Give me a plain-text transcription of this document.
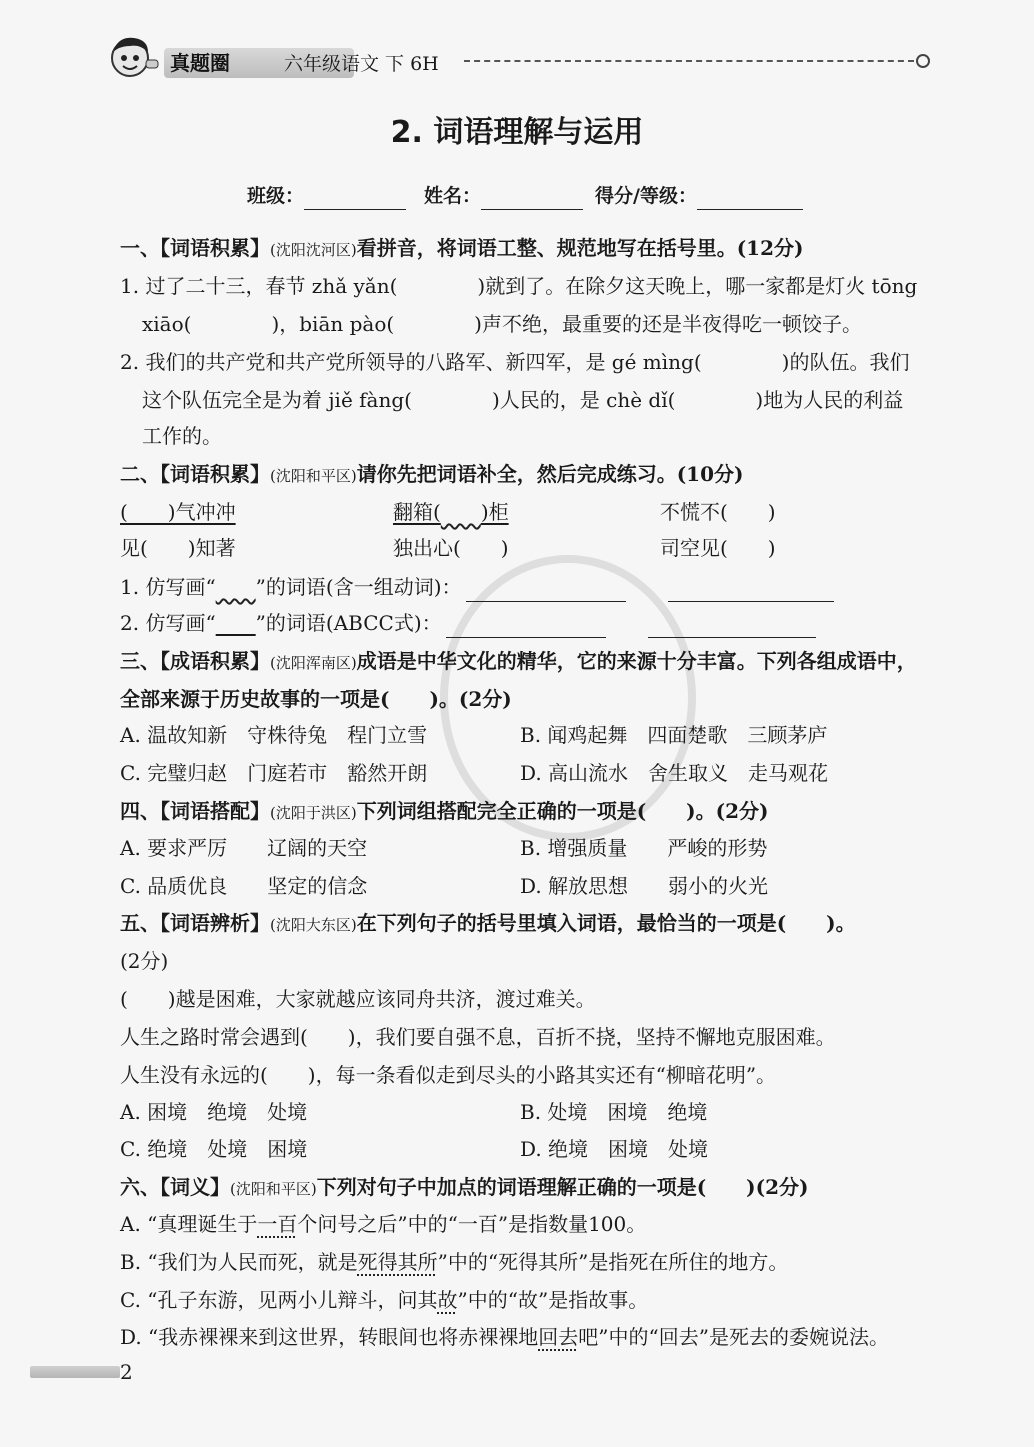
真题圈	六年级语文 下 6H
2. 词语理解与运用
班级：	姓名：	得分/等级：
一、【词语积累】(沈阳沈河区)看拼音，将词语工整、规范地写在括号里。(12分)
1. 过了二十三，春节 zhǎ yǎn(　　　　)就到了。在除夕这天晚上，哪一家都是灯火 tōng
xiāo(　　　　)，biān pào(　　　　)声不绝，最重要的还是半夜得吃一顿饺子。
2. 我们的共产党和共产党所领导的八路军、新四军，是 gé mìng(　　　　)的队伍。我们
这个队伍完全是为着 jiě fàng(　　　　)人民的，是 chè dǐ(　　　　)地为人民的利益
工作的。
二、【词语积累】(沈阳和平区)请你先把词语补全，然后完成练习。(10分)
(　　)气冲冲	翻箱(　　 )柜	不慌不(　　)
见(　　)知著	独出心(　　)	司空见(　　)
1. 仿写画“　　 ”的词语(含一组动词)：
2. 仿写画“　　 ”的词语(ABCC式)：
三、【成语积累】(沈阳浑南区)成语是中华文化的精华，它的来源十分丰富。下列各组成语中，
全部来源于历史故事的一项是(　　)。(2分)
A. 温故知新　守株待兔　程门立雪	B. 闻鸡起舞　四面楚歌　三顾茅庐
C. 完璧归赵　门庭若市　豁然开朗	D. 高山流水　舍生取义　走马观花
四、【词语搭配】(沈阳于洪区)下列词组搭配完全正确的一项是(　　)。(2分)
A. 要求严厉　　辽阔的天空	B. 增强质量　　严峻的形势
C. 品质优良　　坚定的信念	D. 解放思想　　弱小的火光
五、【词语辨析】(沈阳大东区)在下列句子的括号里填入词语，最恰当的一项是(　　)。
(2分)
(　　)越是困难，大家就越应该同舟共济，渡过难关。
人生之路时常会遇到(　　)，我们要自强不息，百折不挠，坚持不懈地克服困难。
人生没有永远的(　　)，每一条看似走到尽头的小路其实还有“柳暗花明”。
A. 困境　绝境　处境	B. 处境　困境　绝境
C. 绝境　处境　困境	D. 绝境　困境　处境
六、【词义】(沈阳和平区)下列对句子中加点的词语理解正确的一项是(　　)(2分)
A. “真理诞生于一百个问号之后”中的“一百”是指数量100。
B. “我们为人民而死，就是死得其所”中的“死得其所”是指死在所住的地方。
C. “孔子东游，见两小儿辩斗，问其故”中的“故”是指故事。
D. “我赤裸裸来到这世界，转眼间也将赤裸裸地回去吧”中的“回去”是死去的委婉说法。
2
